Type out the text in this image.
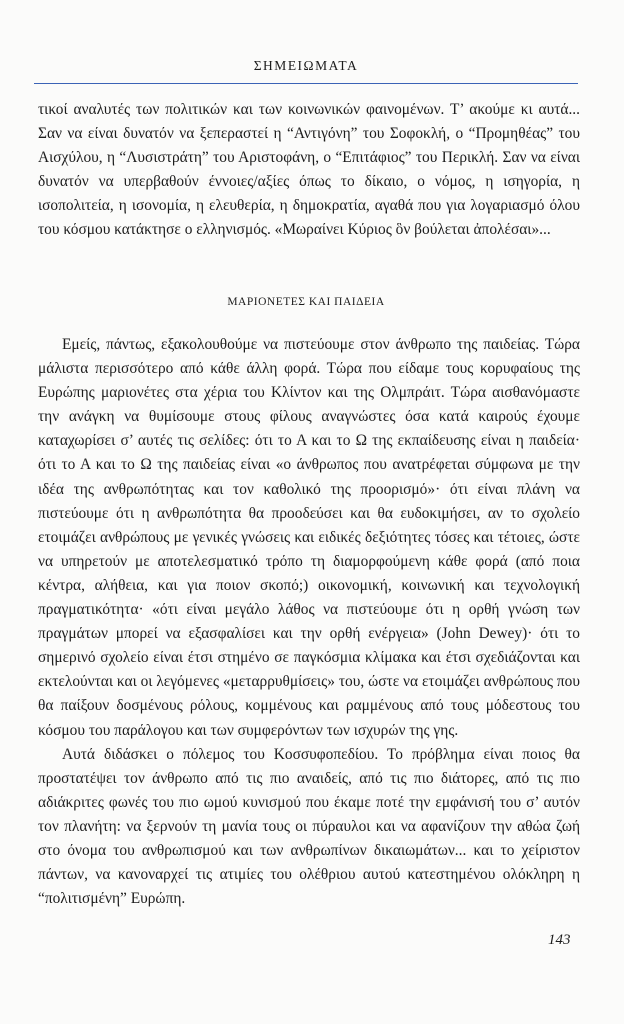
ΣΗΜΕΙΩΜΑΤΑ

τικοί αναλυτές των πολιτικών και των κοινωνικών φαινομένων. Τ’ ακούμε κι αυτά... Σαν να είναι δυνατόν να ξεπεραστεί η “Αντιγόνη” του Σοφοκλή, ο “Προμηθέας” του Αισχύλου, η “Λυσιστράτη” του Αριστοφάνη, ο “Επιτάφιος” του Περικλή. Σαν να είναι δυνατόν να υπερβαθούν έννοιες/αξίες όπως το δίκαιο, ο νόμος, η ισηγορία, η ισοπολιτεία, η ισονομία, η ελευθερία, η δημοκρατία, αγαθά που για λογαριασμό όλου του κόσμου κατάκτησε ο ελληνισμός. «Μωραίνει Κύριος ὃν βούλεται ἀπολέσαι»...

ΜΑΡΙΟΝΕΤΕΣ ΚΑΙ ΠΑΙΔΕΙΑ

Εμείς, πάντως, εξακολουθούμε να πιστεύουμε στον άνθρωπο της παιδείας. Τώρα μάλιστα περισσότερο από κάθε άλλη φορά. Τώρα που είδαμε τους κορυφαίους της Ευρώπης μαριονέτες στα χέρια του Κλίντον και της Ολμπράιτ. Τώρα αισθανόμαστε την ανάγκη να θυμίσουμε στους φίλους αναγνώστες όσα κατά καιρούς έχουμε καταχωρίσει σ’ αυτές τις σελίδες: ότι το Α και το Ω της εκπαίδευσης είναι η παιδεία· ότι το Α και το Ω της παιδείας είναι «ο άνθρωπος που ανατρέφεται σύμφωνα με την ιδέα της ανθρωπότητας και τον καθολικό της προορισμό»· ότι είναι πλάνη να πιστεύουμε ότι η ανθρωπότητα θα προοδεύσει και θα ευδοκιμήσει, αν το σχολείο ετοιμάζει ανθρώπους με γενικές γνώσεις και ειδικές δεξιότητες τόσες και τέτοιες, ώστε να υπηρετούν με αποτελεσματικό τρόπο τη διαμορφούμενη κάθε φορά (από ποια κέντρα, αλήθεια, και για ποιον σκοπό;) οικονομική, κοινωνική και τεχνολογική πραγματικότητα· «ότι είναι μεγάλο λάθος να πιστεύουμε ότι η ορθή γνώση των πραγμάτων μπορεί να εξασφαλίσει και την ορθή ενέργεια» (John Dewey)· ότι το σημερινό σχολείο είναι έτσι στημένο σε παγκόσμια κλίμακα και έτσι σχεδιάζονται και εκτελούνται και οι λεγόμενες «μεταρρυθμίσεις» του, ώστε να ετοιμάζει ανθρώπους που θα παίξουν δοσμένους ρόλους, κομμένους και ραμμένους από τους μόδεστους του κόσμου του παράλογου και των συμφερόντων των ισχυρών της γης.

Αυτά διδάσκει ο πόλεμος του Κοσσυφοπεδίου. Το πρόβλημα είναι ποιος θα προστατέψει τον άνθρωπο από τις πιο αναιδείς, από τις πιο διάτορες, από τις πιο αδιάκριτες φωνές του πιο ωμού κυνισμού που έκαμε ποτέ την εμφάνισή του σ’ αυτόν τον πλανήτη: να ξερνούν τη μανία τους οι πύραυλοι και να αφανίζουν την αθώα ζωή στο όνομα του ανθρωπισμού και των ανθρωπίνων δικαιωμάτων... και το χείριστον πάντων, να κανοναρχεί τις ατιμίες του ολέθριου αυτού κατεστημένου ολόκληρη η “πολιτισμένη” Ευρώπη.

143
